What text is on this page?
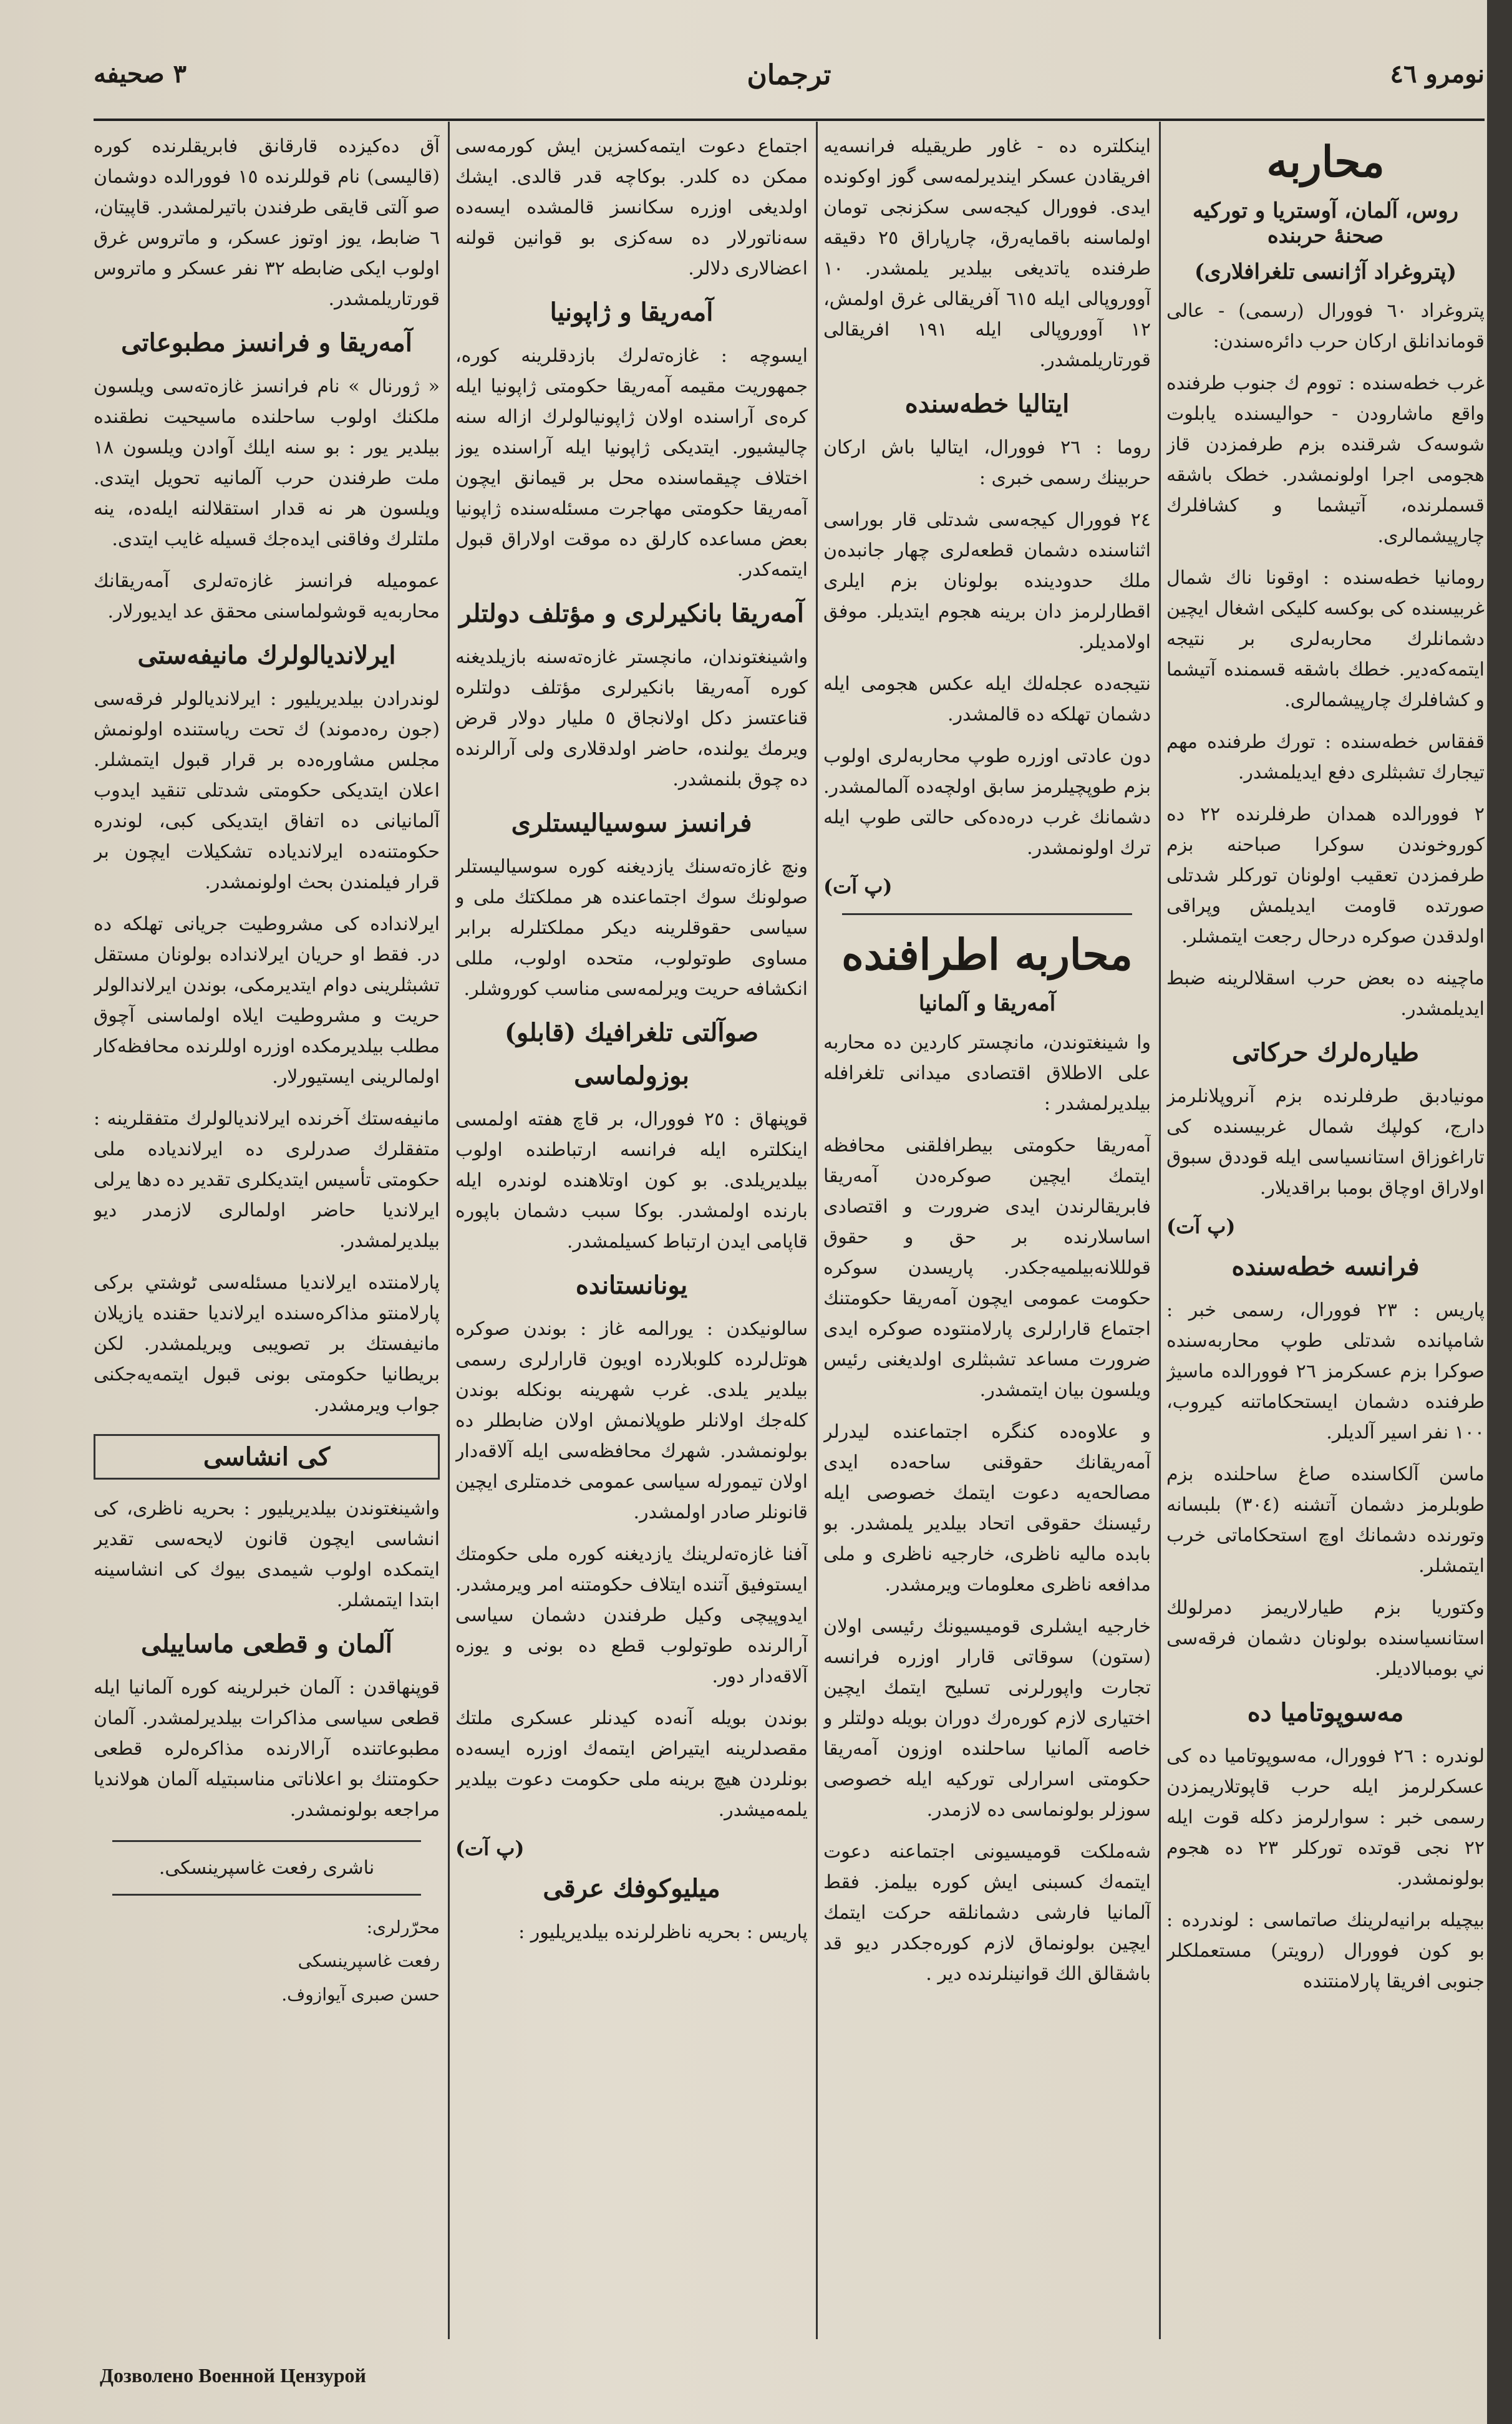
نومرو ٤٦
ترجمان
٣ صحيفه
محاربه
روس، آلمان، آوستريا و توركيه صحنهٔ حربنده
(پتروغراد آژانسی تلغرافلاری)

پتروغراد ٦٠ فوورال (رسمی) - عالی قوماندانلق اركان حرب دائره‌سندن:

غرب خطه‌سنده : تووم ك جنوب طرفنده واقع ماشارودن - حوالیسنده يابلوت شوسه‌ک شرقنده بزم طرفمزدن قاز هجومی اجرا اولونمشدر. خطک باشقه قسملرنده، آتيشما و كشافلرك چارپيشمالری.

رومانيا خطه‌سنده : اوقونا ناك شمال غربيسنده كی بوكسه كليكی اشغال ايچين دشمانلرك محاربه‌لری بر نتيجه ايتمه‌كه‌دير. خطك باشقه قسمنده آتيشما و كشافلرك چارپيشمالری.

قفقاس خطه‌سنده : تورك طرفنده مهم تيجارك تشبثلری دفع ايديلمشدر.

٢ فوورالده همدان طرفلرنده ٢٢ ده كوروخوندن سوكرا صباحنه بزم طرفمزدن تعقيب اولونان توركلر شدتلی صورتده قاومت ايديلمش وپراقی اولدقدن صوكره درحال رجعت ايتمشلر.

ماچينه ده بعض حرب اسقلالرينه ضبط ايديلمشدر.

طياره‌لرك حركاتی

مونيادبق طرفلرنده بزم آنروپلانلرمز دارج، كولپك شمال غربيسنده كی تاراغوزاق استانسياسی ايله قوددق سبوق اولاراق اوچاق بومبا براقديلار.

(پ آت)
فرانسه خطه‌سنده

پاريس : ٢٣ فوورال، رسمی خبر : شامپانده شدتلی طوپ محاربه‌سنده صوكرا بزم عسكرمز ٢٦ فوورالده ماسيژ طرفنده دشمان ايستحكاماتنه كيروب، ١٠٠ نفر اسير آلدیلر.

ماسن آلكاسنده صاغ ساحلنده بزم طوبلرمز دشمان آتشنه (٣٠٤) بلبسانه وتورنده دشمانك اوچ استحكاماتی خرب ايتمشلر.

وكتوريا بزم طيارلاريمز دمرلولك استانسياسنده بولونان دشمان فرقه‌سی ني بومبالادیلر.

مه‌سوپوتاميا ده

لوندره : ٢٦ فوورال، مه‌سوپوتاميا ده كی عسكرلرمز ايله حرب قاپوتلاريمزدن رسمی خبر : سوارلرمز دكله قوت ايله ٢٢ نجی قوتده توركلر ٢٣ ده هجوم بولونمشدر.

بيچيله برانيه‌لرينك صاتماسی : لوندرده : بو كون فوورال (رويتر) مستعملكلر جنوبی افريقا پارلامنتنده

اينكلتره ده - غاور طريقيله فرانسه‌يه افريقادن عسكر اينديرلمه‌سی گوز اوكونده ايدی. فوورال كيجه‌سی سكزنجی تومان اولماسنه باقمايه‌رق، چارپاراق ٢٥ دقيقه طرفنده ياتديغی بيلدير يلمشدر. ١٠ آووروپالی ايله ٦١٥ آفريقالی غرق اولمش، ١٢ آووروپالی ايله ١٩١ افريقالی قورتاريلمشدر.

ايتاليا خطه‌سنده

روما : ٢٦ فوورال، ايتاليا باش اركان حربينك رسمی خبری :

٢٤ فوورال كيجه‌سی شدتلی قار بوراسی اثناسنده دشمان قطعه‌لری چهار جانبده‌ن ملك حدودينده بولونان بزم ايلری اقطارلرمز دان برينه هجوم ايتديلر. موفق اولامدیلر.

نتيجه‌ده عجله‌لك ايله عكس هجومی ايله دشمان تهلكه‌ ده قالمشدر.

دون عادتی اوزره طوپ محاربه‌لری اولوب بزم طوپچيلرمز سابق اولچه‌ده آلمالمشدر. دشمانك غرب دره‌ده‌كی حالتی طوپ ايله‌ ترك اولونمشدر.

(پ آت)
محاربه اطرافنده
آمه‌ريقا و آلمانيا

وا شينغتوندن، مانچستر كاردين ده محاربه علی الاطلاق اقتصادی ميدانی تلغرافله بيلديرلمشدر :

آمه‌ريقا حكومتی بيطرافلقنی محافظه ايتمك ايچين صوكره‌دن آمه‌ريقا فابريقالرندن ايدی ضرورت و اقتصادی اساسلارنده بر حق و حقوق قولللانه‌بيلميه‌جكدر. پاريسدن سوكره حكومت عمومی ايچون آمه‌ريقا حكومتنك اجتماع قارارلری پارلامنتوده صوكره ايدی ضرورت مساعد تشبثلری اولدیغنی رئيس ويلسون بيان ايتمشدر.

و علاوه‌ده كنگره اجتماعنده ليدرلر آمه‌ريقانك حقوقنی ساحه‌ده ايدی مصالحه‌يه دعوت ايتمك خصوصی ايله رئيسنك حقوقی اتحاد بيلدير يلمشدر. بو بابده ماليه ناظری، خارجيه ناظری و ملی مدافعه ناظری معلومات ويرمشدر.

خارجيه ايشلری قوميسيونك رئيسی اولان (ستون) سوقاتی قارار اوزره فرانسه تجارت واپورلرنی تسليح ايتمك ايچين اختياری لازم كوره‌رك دوران بويله دولتلر و خاصه آلمانيا ساحلنده اوزون آمه‌ريقا حكومتی اسرارلی توركيه ايله خصوصی سوزلر بولونماسی ده لازمدر.

شه‌ملكت قوميسيونی اجتماعنه دعوت ايتمه‌ك كسبنی ايش كوره بيلمز. فقط آلمانيا فارشی دشمانلقه حركت ايتمك ايچين بولونماق لازم كوره‌جكدر ديو قد باشقالق الك قوانينلرنده‌ دير .

اجتماع دعوت ايتمه‌كسزين ايش كورمه‌سی ممكن ده كلدر. بوكاچه قدر قالدی. ايشك اولدیغی اوزره سكانسز قالمشده ايسه‌ده سه‌ناتورلار ده سه‌كزی بو قوانين قولنه اعضالاری دلالر.

آمه‌ريقا و ژاپونيا

ايسوچه : غازه‌ته‌لرك بازدقلرينه كوره، جمهوريت مقيمه آمه‌ريقا حكومتی ژاپونيا ايله كره‌ی آراسنده اولان ژاپونيالولرك ازاله سنه چاليشيور. ايتديكی ژاپونيا ايله آراسنده يوز اختلاف چيقماسنده محل بر قيمانق ايچون آمه‌ريقا حكومتی مهاجرت مسئله‌سنده ژاپونيا بعض مساعده كارلق ده موقت اولاراق قبول ايتمه‌كدر.

آمه‌ريقا بانكيرلری و مؤتلف دولتلر

واشينغتوندان، مانچستر غازه‌ته‌سنه بازيلديغنه كوره آمه‌ريقا بانكيرلری مؤتلف دولتلره قناعتسز دكل اولانجاق ٥ مليار دولار قرض ويرمك يولنده، حاضر اولدقلاری ولی آرالرنده ده چوق بلنمشدر.

فرانسز سوسياليستلری

ونچ غازه‌ته‌سنك يازديغنه كوره سوسياليستلر صولونك سوك اجتماعنده هر مملكتك ملی و سياسی حقوقلرينه ديكر مملكتلرله برابر مساوی طوتولوب، متحده اولوب، مللی انكشافه حريت ويرلمه‌سی مناسب كوروشلر.

صوآلتی تلغرافيك (قابلو)
بوزولماسی

قوپنهاق : ٢٥ فوورال، بر قاچ هفته اولمسی اينكلتره ايله فرانسه ارتباطنده اولوب بيلديريلدی. بو كون اوتلاهنده لوندره ايله بارنده اولمشدر. بوكا سبب دشمان باپوره قاپامی ايدن ارتباط كسيلمشدر.

يونانستانده

سالونيكدن : يورالمه غاز : بوندن صوكره هوتل‌لرده كلوبلارده اويون قارارلری رسمی بيلدير يلدی. غرب شهرينه بونكله بوندن كله‌جك اولانلر طوپلانمش اولان ضابطلر ده بولونمشدر. شهرك محافظه‌سی ايله آلاقه‌دار اولان تيمورله سياسی عمومی خدمتلری ايچين قانونلر صادر اولمشدر.

آفنا غازه‌ته‌لرينك يازديغنه كوره ملی حكومتك ايستوفيق آتنده ايتلاف حكومتنه امر ويرمشدر. ايدوپيچی وكيل طرفندن دشمان سياسی آرالرنده طوتولوب قطع ده بونی و يوزه آلاقه‌دار دور.

بوندن بويله آنه‌ده كيدنلر عسكری ملتك مقصدلرينه ايتيراض ايتمه‌ك اوزره ايسه‌ده بونلردن هيچ برينه ملی حكومت دعوت بيلدير يلمه‌ميشدر.

(پ آت)
ميليوكوفك عرقی

پاريس : بحريه ناظرلرنده بيلديريليور :

آق ده‌كيزده قارقانق فابريقلرنده كوره (قاليسی) نام قوللرنده ١٥ فوورالده دوشمان صو آلتی قايقی طرفندن باتيرلمشدر. قاپيتان، ٦ ضابط، يوز اوتوز عسكر، و ماتروس غرق اولوب ايكی ضابطه ٣٢ نفر عسكر و ماتروس قورتاريلمشدر.

آمه‌ريقا و فرانسز مطبوعاتی

« ژورنال » نام فرانسز غازه‌ته‌سی ويلسون ملكنك اولوب ساحلنده ماسيحيت نطقنده بيلدير يور : بو سنه ايلك آوادن ويلسون ۱۸ ملت طرفندن حرب آلمانيه تحويل ايتدی. ويلسون هر نه قدار استقلالنه ايله‌ده، ينه ملتلرك وفاقنی ايده‌جك قسيله غايب ايتدی.

عموميله فرانسز غازه‌ته‌لری آمه‌ريقانك محاربه‌يه قوشولماسنی محقق عد ايديورلار.

ايرلانديالولرك مانيفه‌ستی

لوندرادن بيلديريليور : ايرلانديالولر فرقه‌سی (جون ره‌دموند) ك تحت رياستنده اولونمش مجلس مشاوره‌ده بر قرار قبول ايتمشلر. اعلان ايتديكی حكومتی شدتلی تنقيد ايدوب آلمانيانی ده اتفاق ايتديكی كبی، لوندره حكومتنه‌ده ايرلاندياده تشكيلات ايچون بر قرار فيلمندن بحث اولونمشدر.

ايرلانداده كی مشروطيت جريانی تهلكه ده در. فقط او حريان ايرلانداده بولونان مستقل تشبثلرينی دوام ايتديرمكی، بوندن ايرلاندالولر حريت و مشروطيت ايلاه اولماسنی آچوق مطلب بيلديرمكده اوزره اوللرنده محافظه‌كار اولمالرينی ايستيورلار.

مانيفه‌ستك آخرنده ايرلانديالولرك متفقلرينه : متفقلرك صدرلری ده ايرلاندياده ملی حكومتی تأسيس ايتديكلری تقدير ده دها يرلی ايرلانديا حاضر اولمالری لازمدر ديو بيلديرلمشدر.

پارلامنتده ايرلانديا مسئله‌سی ٹوشتي بركی پارلامنتو مذاكره‌سنده ايرلانديا حقنده يازيلان مانيفستك بر تصويبی ويريلمشدر. لكن بريطانيا حكومتی بونی قبول ايتمه‌يه‌جكنی جواب ويرمشدر.

كی انشاسی

واشينغتوندن بيلديريليور : بحريه ناظری، كی انشاسی ايچون قانون لايحه‌سی تقدير ايتمكده اولوب شيمدی بيوك كی انشاسينه ابتدا ايتمشلر.

آلمان و قطعی ماساييلی

قوپنهاقدن : آلمان خبرلرينه كوره آلمانيا ايله قطعی سياسی مذاكرات بيلديرلمشدر. آلمان مطبوعاتنده آرالارنده مذاكره‌لره قطعی حكومتنك بو اعلاناتی مناسبتيله آلمان هولانديا مراجعه بولونمشدر.

ناشری رفعت غاسپرينسكی.
محرّرلری:
رفعت غاسپرينسكی
حسن صبری آيوازوف.
Дозволено Военной Цензурой
